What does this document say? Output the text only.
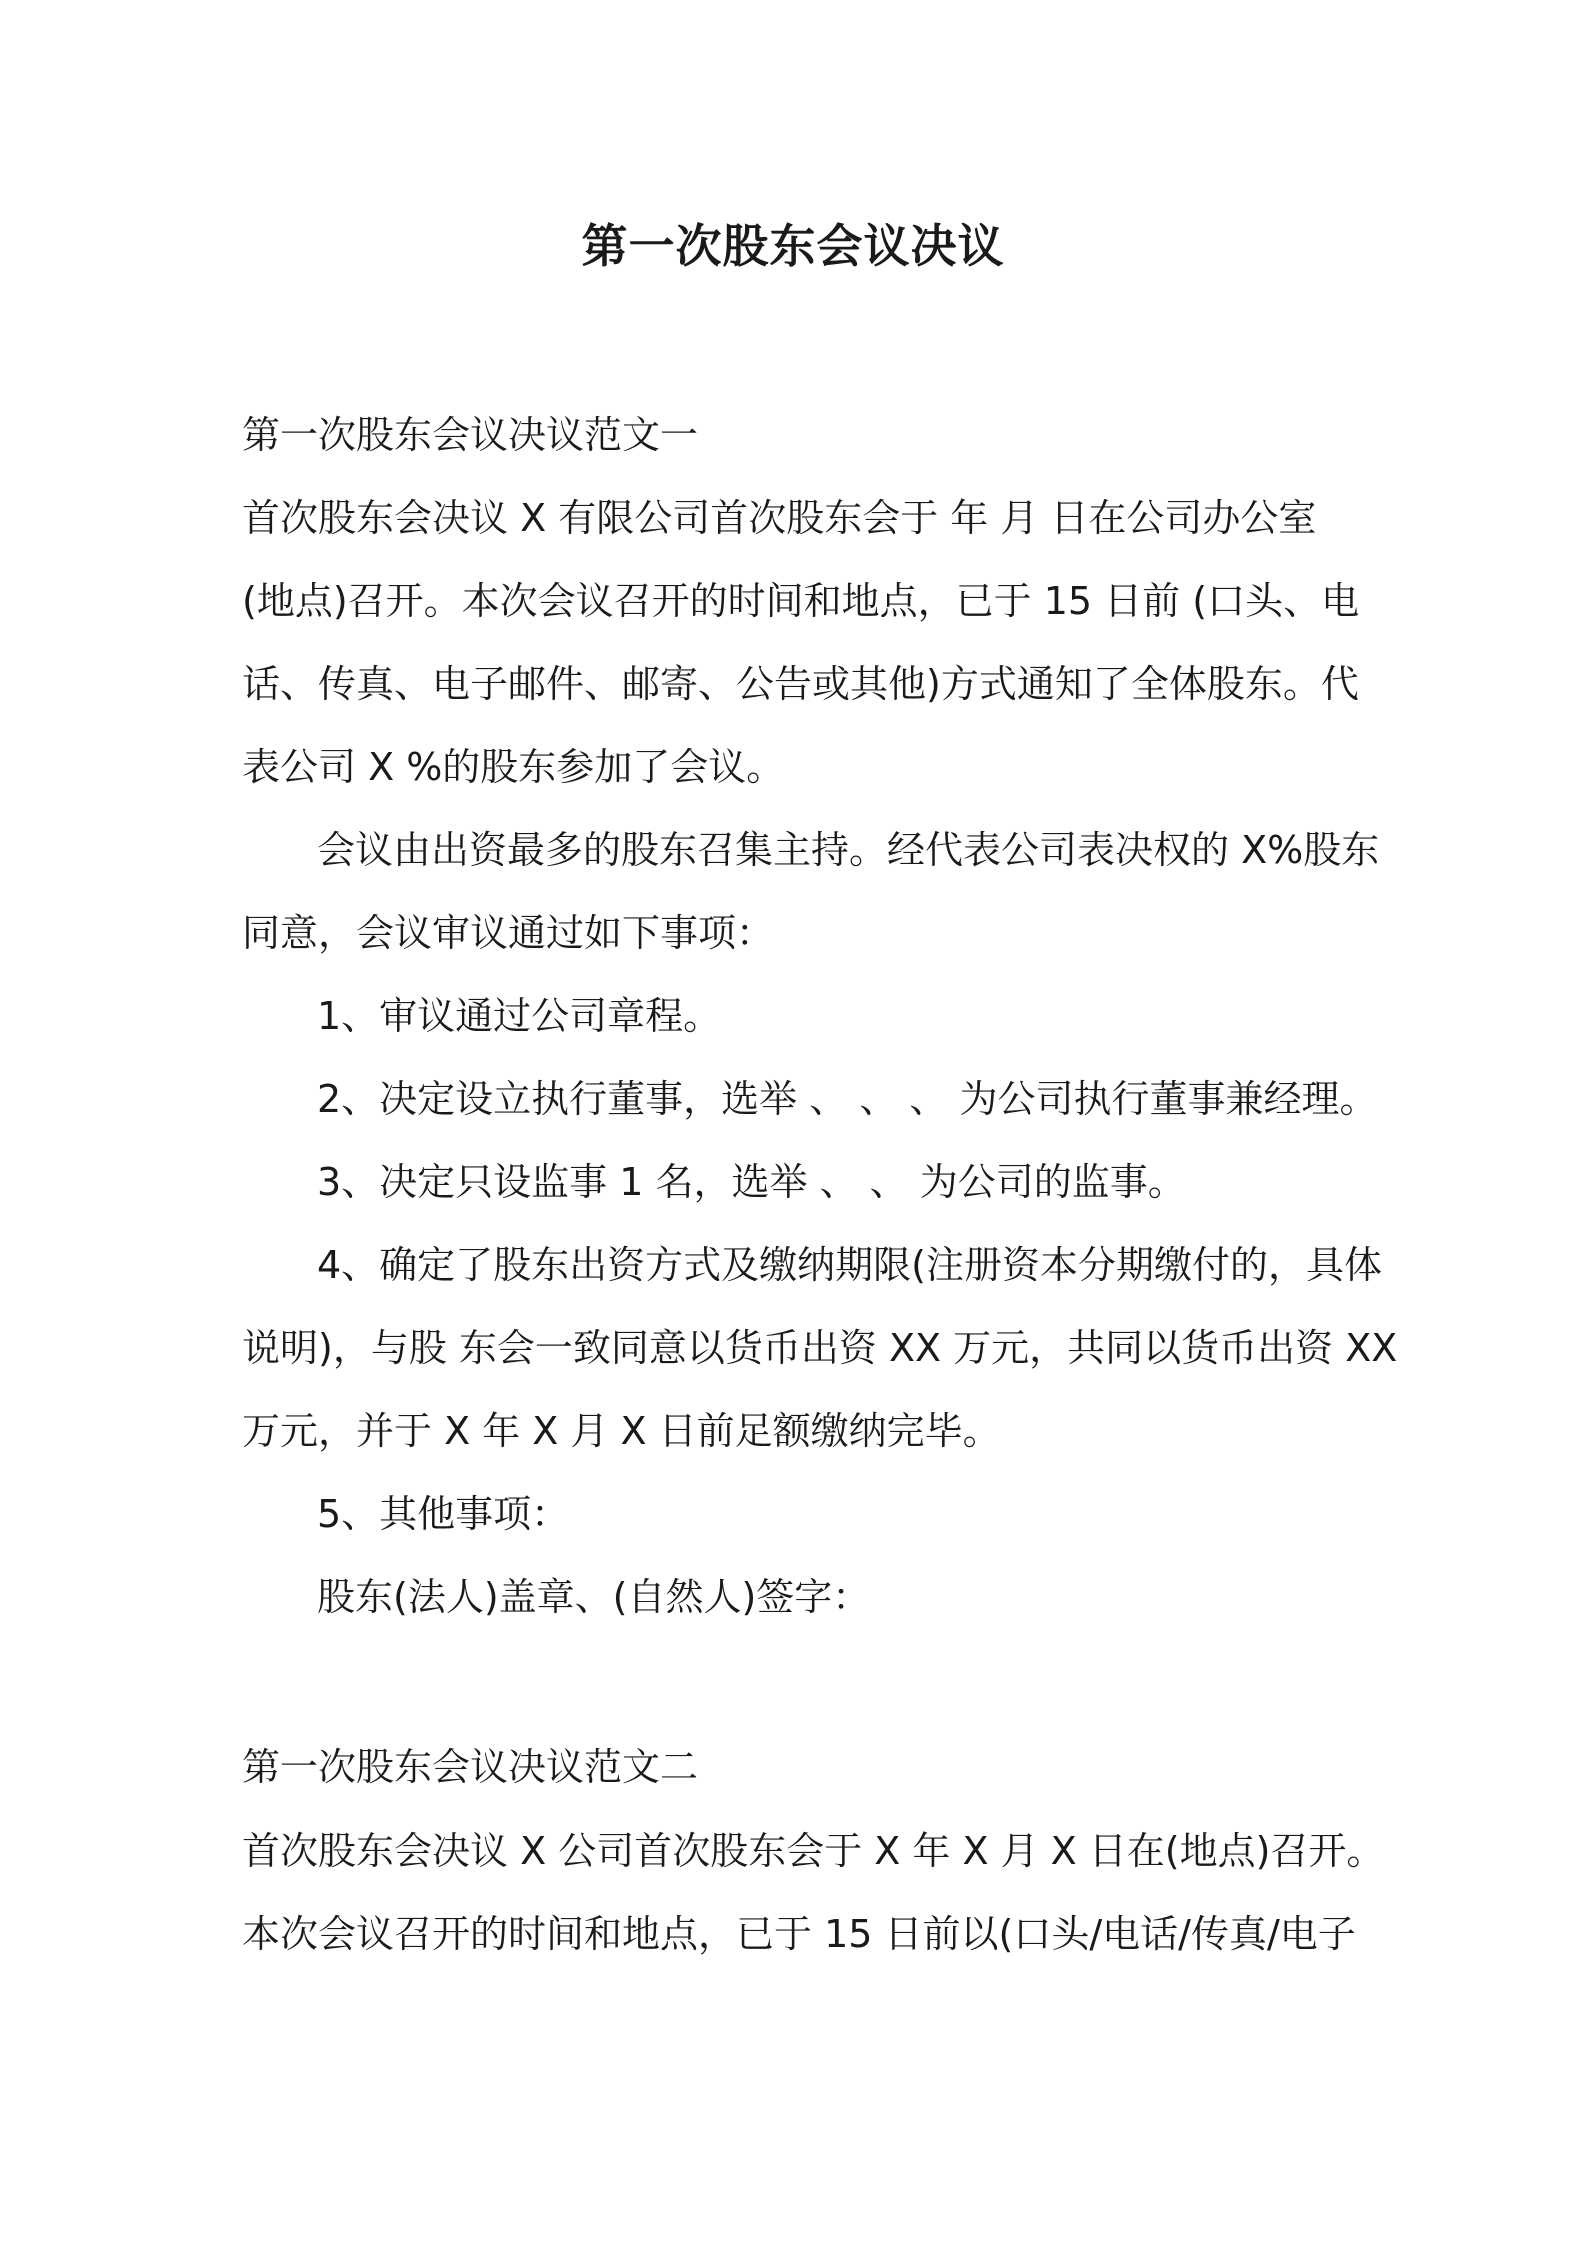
第一次股东会议决议

第一次股东会议决议范文一

首次股东会决议 X 有限公司首次股东会于 年 月 日在公司办公室

(地点)召开。本次会议召开的时间和地点，已于 15 日前 (口头、电

话、传真、电子邮件、邮寄、公告或其他)方式通知了全体股东。代

表公司 X %的股东参加了会议。

会议由出资最多的股东召集主持。经代表公司表决权的 X%股东

同意，会议审议通过如下事项：

1、审议通过公司章程。

2、决定设立执行董事，选举 、 、 、 为公司执行董事兼经理。

3、决定只设监事 1 名，选举 、 、 为公司的监事。

4、确定了股东出资方式及缴纳期限(注册资本分期缴付的，具体

说明)，与股 东会一致同意以货币出资 XX 万元，共同以货币出资 XX

万元，并于 X 年 X 月 X 日前足额缴纳完毕。

5、其他事项：

股东(法人)盖章、(自然人)签字：

第一次股东会议决议范文二

首次股东会决议 X 公司首次股东会于 X 年 X 月 X 日在(地点)召开。

本次会议召开的时间和地点，已于 15 日前以(口头/电话/传真/电子
